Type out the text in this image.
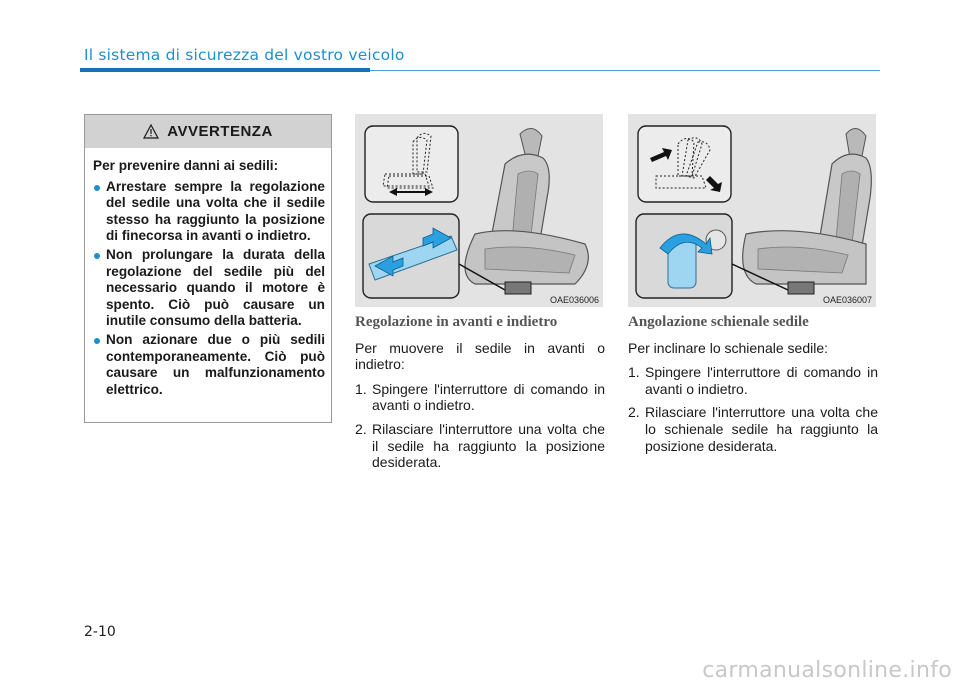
Il sistema di sicurezza del vostro veicolo
AVVERTENZA

Per prevenire danni ai sedili:

Arrestare sempre la regolazione del sedile una volta che il sedile stesso ha raggiunto la posizione di finecorsa in avanti o indietro.
Non prolungare la durata della regolazione del sedile più del necessario quando il motore è spento. Ciò può causare un inutile consumo della batteria.
Non azionare due o più sedili contemporaneamente. Ciò può causare un malfunzionamento elettrico.
OAE036006	OAE036007
Regolazione in avanti e indietro

Per muovere il sedile in avanti o indietro:

1. Spingere l'interruttore di comando in avanti o indietro.
2. Rilasciare l'interruttore una volta che il sedile ha raggiunto la posizione desiderata.
Angolazione schienale sedile

Per inclinare lo schienale sedile:

1. Spingere l'interruttore di comando in avanti o indietro.
2. Rilasciare l'interruttore una volta che lo schienale sedile ha raggiunto la posizione desiderata.
2-10
carmanualsonline.info
